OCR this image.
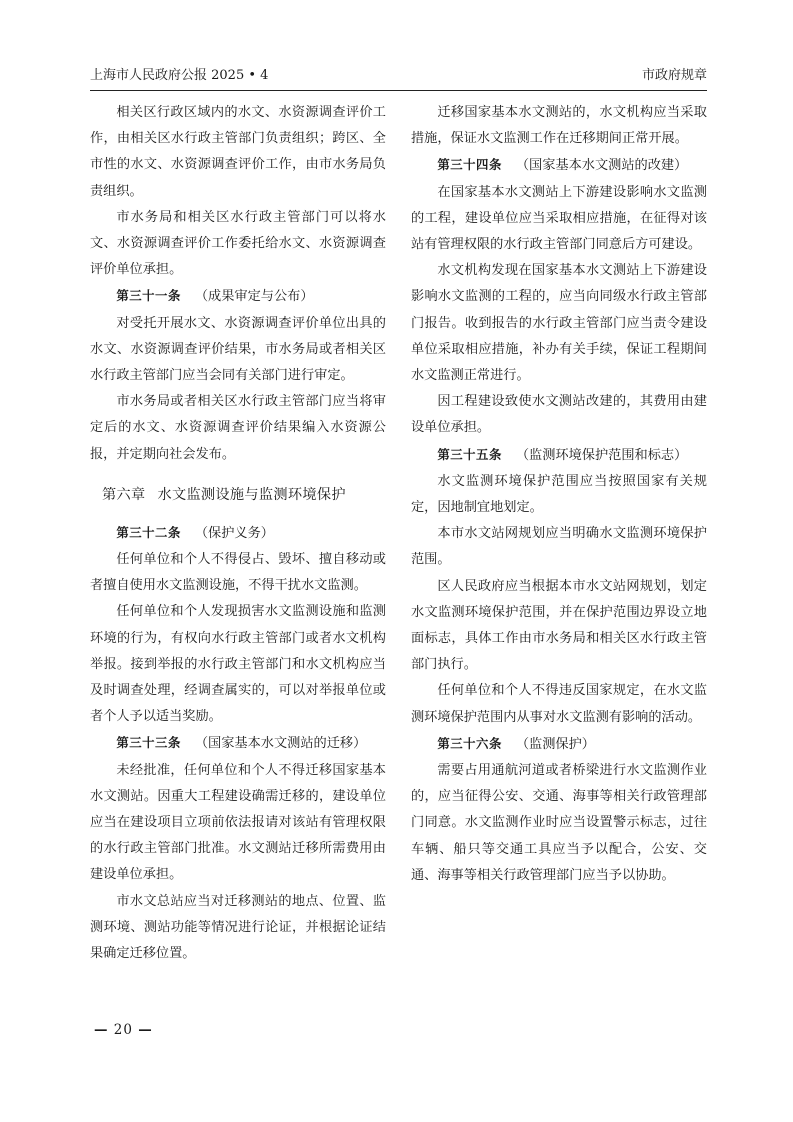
上海市人民政府公报 2025 • 4	市政府规章

相关区行政区域内的水文、水资源调查评价工作，由相关区水行政主管部门负责组织；跨区、全市性的水文、水资源调查评价工作，由市水务局负责组织。

市水务局和相关区水行政主管部门可以将水文、水资源调查评价工作委托给水文、水资源调查评价单位承担。

第三十一条 （成果审定与公布）

对受托开展水文、水资源调查评价单位出具的水文、水资源调查评价结果，市水务局或者相关区水行政主管部门应当会同有关部门进行审定。

市水务局或者相关区水行政主管部门应当将审定后的水文、水资源调查评价结果编入水资源公报，并定期向社会发布。

第六章 水文监测设施与监测环境保护

第三十二条 （保护义务）

任何单位和个人不得侵占、毁坏、擅自移动或者擅自使用水文监测设施，不得干扰水文监测。

任何单位和个人发现损害水文监测设施和监测环境的行为，有权向水行政主管部门或者水文机构举报。接到举报的水行政主管部门和水文机构应当及时调查处理，经调查属实的，可以对举报单位或者个人予以适当奖励。

第三十三条 （国家基本水文测站的迁移）

未经批准，任何单位和个人不得迁移国家基本水文测站。因重大工程建设确需迁移的，建设单位应当在建设项目立项前依法报请对该站有管理权限的水行政主管部门批准。水文测站迁移所需费用由建设单位承担。

市水文总站应当对迁移测站的地点、位置、监测环境、测站功能等情况进行论证，并根据论证结果确定迁移位置。

迁移国家基本水文测站的，水文机构应当采取措施，保证水文监测工作在迁移期间正常开展。

第三十四条 （国家基本水文测站的改建）

在国家基本水文测站上下游建设影响水文监测的工程，建设单位应当采取相应措施，在征得对该站有管理权限的水行政主管部门同意后方可建设。

水文机构发现在国家基本水文测站上下游建设影响水文监测的工程的，应当向同级水行政主管部门报告。收到报告的水行政主管部门应当责令建设单位采取相应措施，补办有关手续，保证工程期间水文监测正常进行。

因工程建设致使水文测站改建的，其费用由建设单位承担。

第三十五条 （监测环境保护范围和标志）

水文监测环境保护范围应当按照国家有关规定，因地制宜地划定。

本市水文站网规划应当明确水文监测环境保护范围。

区人民政府应当根据本市水文站网规划，划定水文监测环境保护范围，并在保护范围边界设立地面标志，具体工作由市水务局和相关区水行政主管部门执行。

任何单位和个人不得违反国家规定，在水文监测环境保护范围内从事对水文监测有影响的活动。

第三十六条 （监测保护）

需要占用通航河道或者桥梁进行水文监测作业的，应当征得公安、交通、海事等相关行政管理部门同意。水文监测作业时应当设置警示标志，过往车辆、船只等交通工具应当予以配合，公安、交通、海事等相关行政管理部门应当予以协助。

— 20 —
